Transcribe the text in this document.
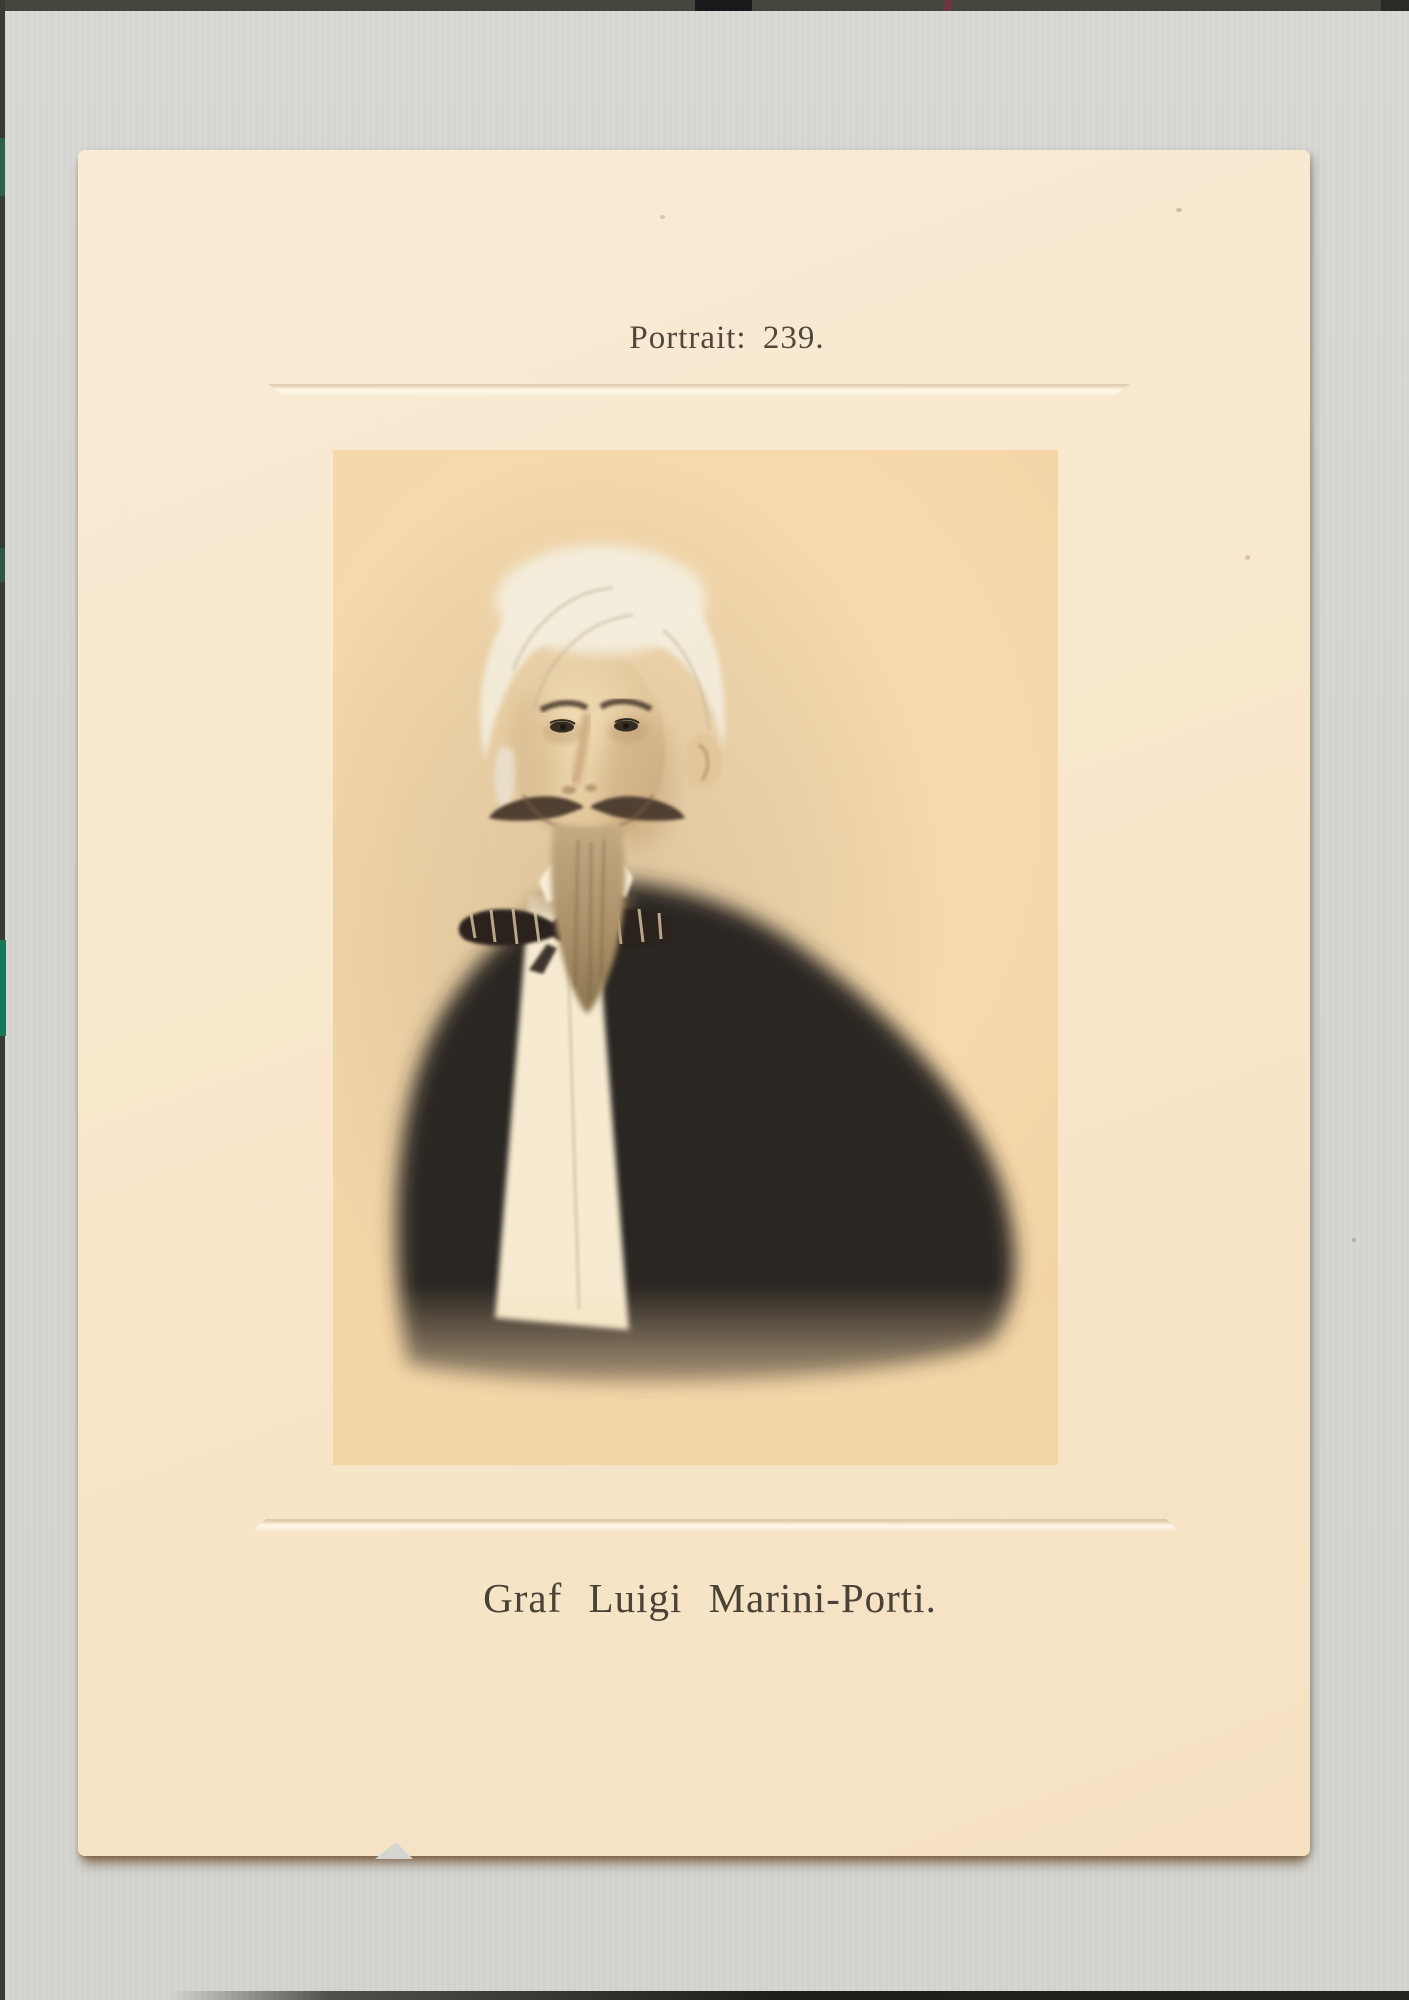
Portrait: 239.
Graf Luigi Marini-Porti.
